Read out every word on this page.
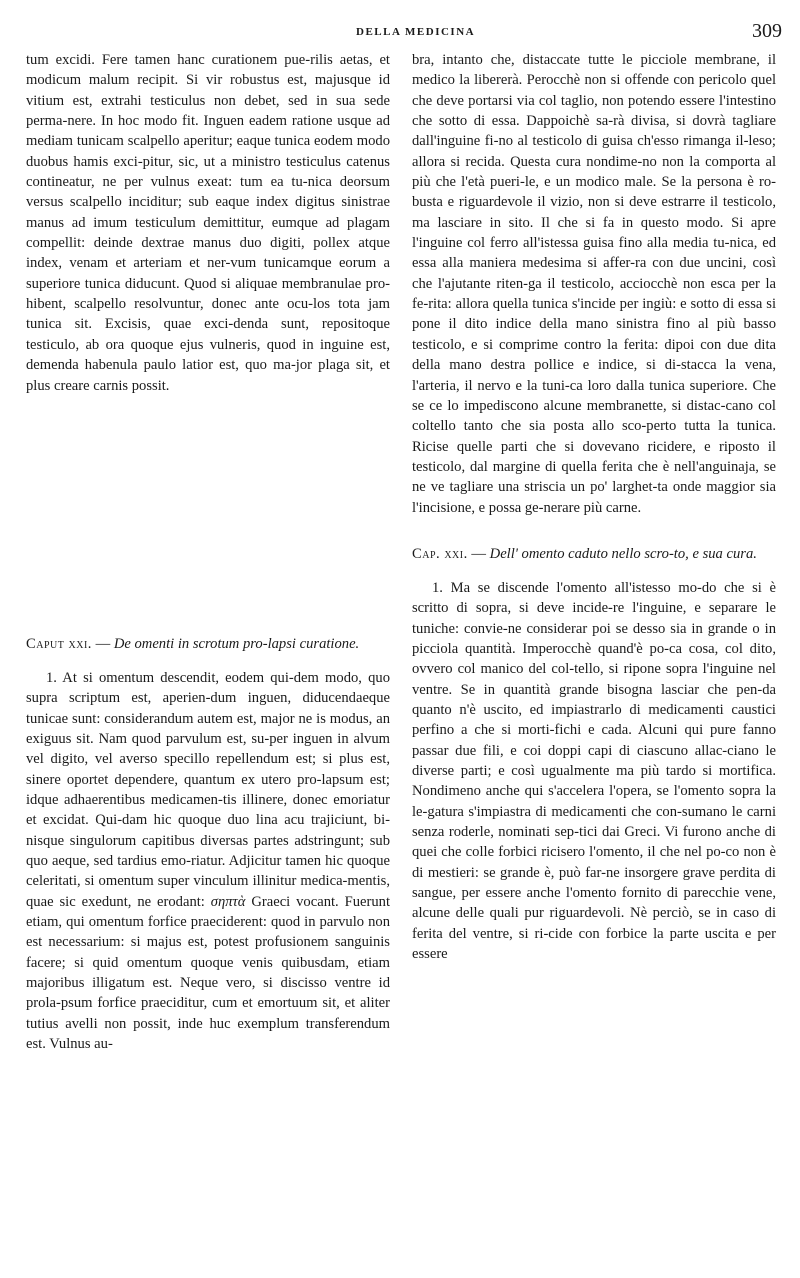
DELLA MEDICINA	309

tum excidi. Fere tamen hanc curationem pue-rilis aetas, et modicum malum recipit. Si vir robustus est, majusque id vitium est, extrahi testiculus non debet, sed in sua sede perma-nere. In hoc modo fit. Inguen eadem ratione usque ad mediam tunicam scalpello aperitur; eaque tunica eodem modo duobus hamis exci-pitur, sic, ut a ministro testiculus catenus contineatur, ne per vulnus exeat: tum ea tu-nica deorsum versus scalpello inciditur; sub eaque index digitus sinistrae manus ad imum testiculum demittitur, eumque ad plagam compellit: deinde dextrae manus duo digiti, pollex atque index, venam et arteriam et ner-vum tunicamque eorum a superiore tunica diducunt. Quod si aliquae membranulae pro-hibent, scalpello resolvuntur, donec ante ocu-los tota jam tunica sit. Excisis, quae exci-denda sunt, repositoque testiculo, ab ora quoque ejus vulneris, quod in inguine est, demenda habenula paulo latior est, quo ma-jor plaga sit, et plus creare carnis possit.

Caput xxi. — De omenti in scrotum pro-lapsi curatione.

1. At si omentum descendit, eodem qui-dem modo, quo supra scriptum est, aperien-dum inguen, diducendaeque tunicae sunt: considerandum autem est, major ne is modus, an exiguus sit. Nam quod parvulum est, su-per inguen in alvum vel digito, vel averso specillo repellendum est; si plus est, sinere oportet dependere, quantum ex utero pro-lapsum est; idque adhaerentibus medicamen-tis illinere, donec emoriatur et excidat. Qui-dam hic quoque duo lina acu trajiciunt, bi-nisque singulorum capitibus diversas partes adstringunt; sub quo aeque, sed tardius emo-riatur. Adjicitur tamen hic quoque celeritati, si omentum super vinculum illinitur medica-mentis, quae sic exedunt, ne erodant: σηπτὰ Graeci vocant. Fuerunt etiam, qui omentum forfice praeciderent: quod in parvulo non est necessarium: si majus est, potest profusionem sanguinis facere; si quid omentum quoque venis quibusdam, etiam majoribus illigatum est. Neque vero, si discisso ventre id prola-psum forfice praeciditur, cum et emortuum sit, et aliter tutius avelli non possit, inde huc exemplum transferendum est. Vulnus au-

bra, intanto che, distaccate tutte le picciole membrane, il medico la libererà. Perocchè non si offende con pericolo quel che deve portarsi via col taglio, non potendo essere l'intestino che sotto di essa. Dappoichè sa-rà divisa, si dovrà tagliare dall'inguine fi-no al testicolo di guisa ch'esso rimanga il-leso; allora si recida. Questa cura nondime-no non la comporta al più che l'età pueri-le, e un modico male. Se la persona è ro-busta e riguardevole il vizio, non si deve estrarre il testicolo, ma lasciare in sito. Il che si fa in questo modo. Si apre l'inguine col ferro all'istessa guisa fino alla media tu-nica, ed essa alla maniera medesima si affer-ra con due uncini, così che l'ajutante riten-ga il testicolo, acciocchè non esca per la fe-rita: allora quella tunica s'incide per ingiù: e sotto di essa si pone il dito indice della mano sinistra fino al più basso testicolo, e si comprime contro la ferita: dipoi con due dita della mano destra pollice e indice, si di-stacca la vena, l'arteria, il nervo e la tuni-ca loro dalla tunica superiore. Che se ce lo impediscono alcune membranette, si distac-cano col coltello tanto che sia posta allo sco-perto tutta la tunica. Ricise quelle parti che si dovevano ricidere, e riposto il testicolo, dal margine di quella ferita che è nell'anguinaja, se ne ve tagliare una striscia un po' larghet-ta onde maggior sia l'incisione, e possa ge-nerare più carne.

Cap. xxi. — Dell' omento caduto nello scro-to, e sua cura.

1. Ma se discende l'omento all'istesso mo-do che si è scritto di sopra, si deve incide-re l'inguine, e separare le tuniche: convie-ne considerar poi se desso sia in grande o in picciola quantità. Imperocchè quand'è po-ca cosa, col dito, ovvero col manico del col-tello, si ripone sopra l'inguine nel ventre. Se in quantità grande bisogna lasciar che pen-da quanto n'è uscito, ed impiastrarlo di medicamenti caustici perfino a che si morti-fichi e cada. Alcuni qui pure fanno passar due fili, e coi doppi capi di ciascuno allac-ciano le diverse parti; e così ugualmente ma più tardo si mortifica. Nondimeno anche qui s'accelera l'opera, se l'omento sopra la le-gatura s'impiastra di medicamenti che con-sumano le carni senza roderle, nominati sep-tici dai Greci. Vi furono anche di quei che colle forbici ricisero l'omento, il che nel po-co non è di mestieri: se grande è, può far-ne insorgere grave perdita di sangue, per essere anche l'omento fornito di parecchie vene, alcune delle quali pur riguardevoli. Nè perciò, se in caso di ferita del ventre, si ri-cide con forbice la parte uscita e per essere
